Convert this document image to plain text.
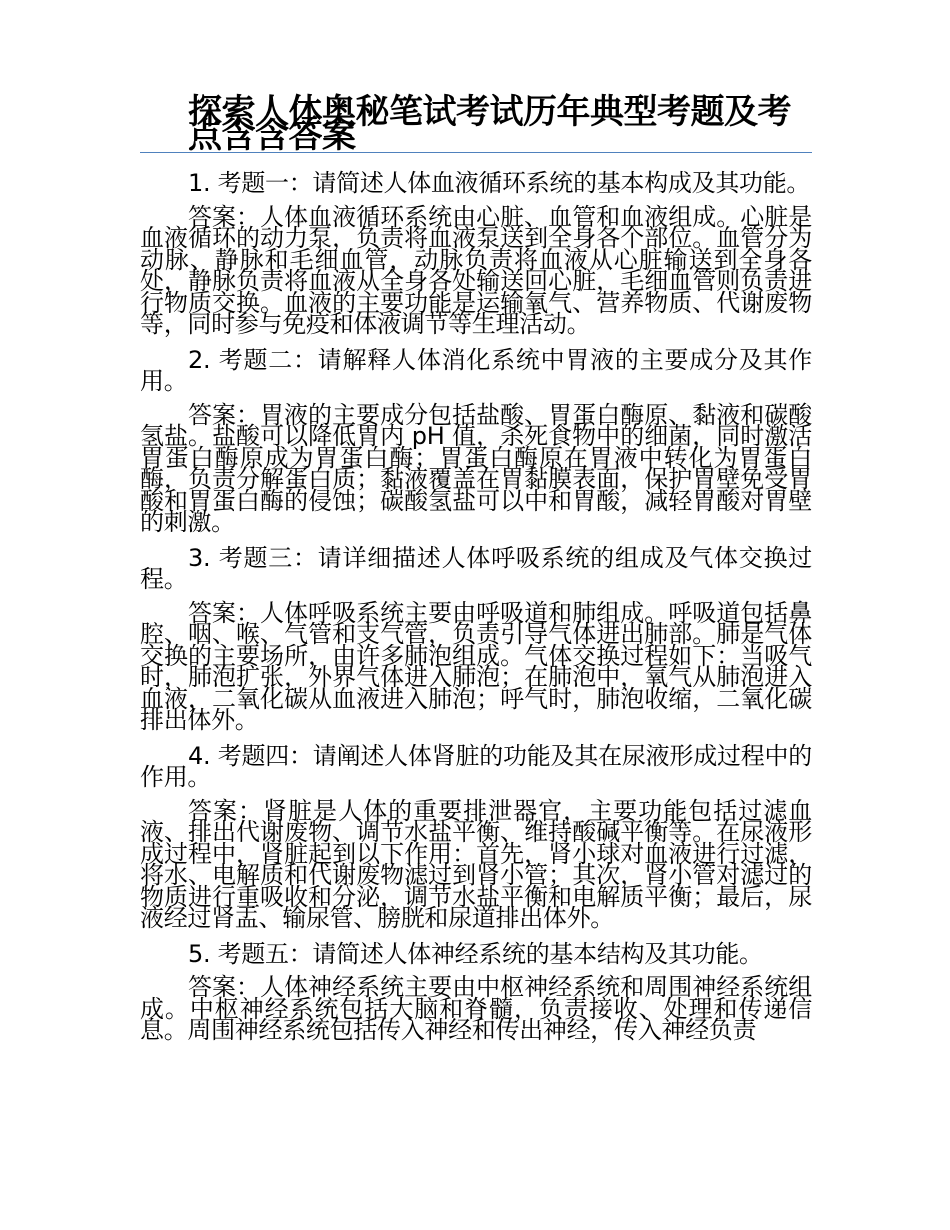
探索人体奥秘笔试考试历年典型考题及考点含含答案

1. 考题一：请简述人体血液循环系统的基本构成及其功能。

答案：人体血液循环系统由心脏、血管和血液组成。心脏是血液循环的动力泵，负责将血液泵送到全身各个部位。血管分为动脉、静脉和毛细血管，动脉负责将血液从心脏输送到全身各处，静脉负责将血液从全身各处输送回心脏，毛细血管则负责进行物质交换。血液的主要功能是运输氧气、营养物质、代谢废物等，同时参与免疫和体液调节等生理活动。

2. 考题二：请解释人体消化系统中胃液的主要成分及其作用。

答案：胃液的主要成分包括盐酸、胃蛋白酶原、黏液和碳酸氢盐。盐酸可以降低胃内 pH 值，杀死食物中的细菌，同时激活胃蛋白酶原成为胃蛋白酶；胃蛋白酶原在胃液中转化为胃蛋白酶，负责分解蛋白质；黏液覆盖在胃黏膜表面，保护胃壁免受胃酸和胃蛋白酶的侵蚀；碳酸氢盐可以中和胃酸，减轻胃酸对胃壁的刺激。

3. 考题三：请详细描述人体呼吸系统的组成及气体交换过程。

答案：人体呼吸系统主要由呼吸道和肺组成。呼吸道包括鼻腔、咽、喉、气管和支气管，负责引导气体进出肺部。肺是气体交换的主要场所，由许多肺泡组成。气体交换过程如下：当吸气时，肺泡扩张，外界气体进入肺泡；在肺泡中，氧气从肺泡进入血液，二氧化碳从血液进入肺泡；呼气时，肺泡收缩，二氧化碳排出体外。

4. 考题四：请阐述人体肾脏的功能及其在尿液形成过程中的作用。

答案：肾脏是人体的重要排泄器官，主要功能包括过滤血液、排出代谢废物、调节水盐平衡、维持酸碱平衡等。在尿液形成过程中，肾脏起到以下作用：首先，肾小球对血液进行过滤，将水、电解质和代谢废物滤过到肾小管；其次，肾小管对滤过的物质进行重吸收和分泌，调节水盐平衡和电解质平衡；最后，尿液经过肾盂、输尿管、膀胱和尿道排出体外。

5. 考题五：请简述人体神经系统的基本结构及其功能。

答案：人体神经系统主要由中枢神经系统和周围神经系统组成。中枢神经系统包括大脑和脊髓，负责接收、处理和传递信息。周围神经系统包括传入神经和传出神经，传入神经负责
